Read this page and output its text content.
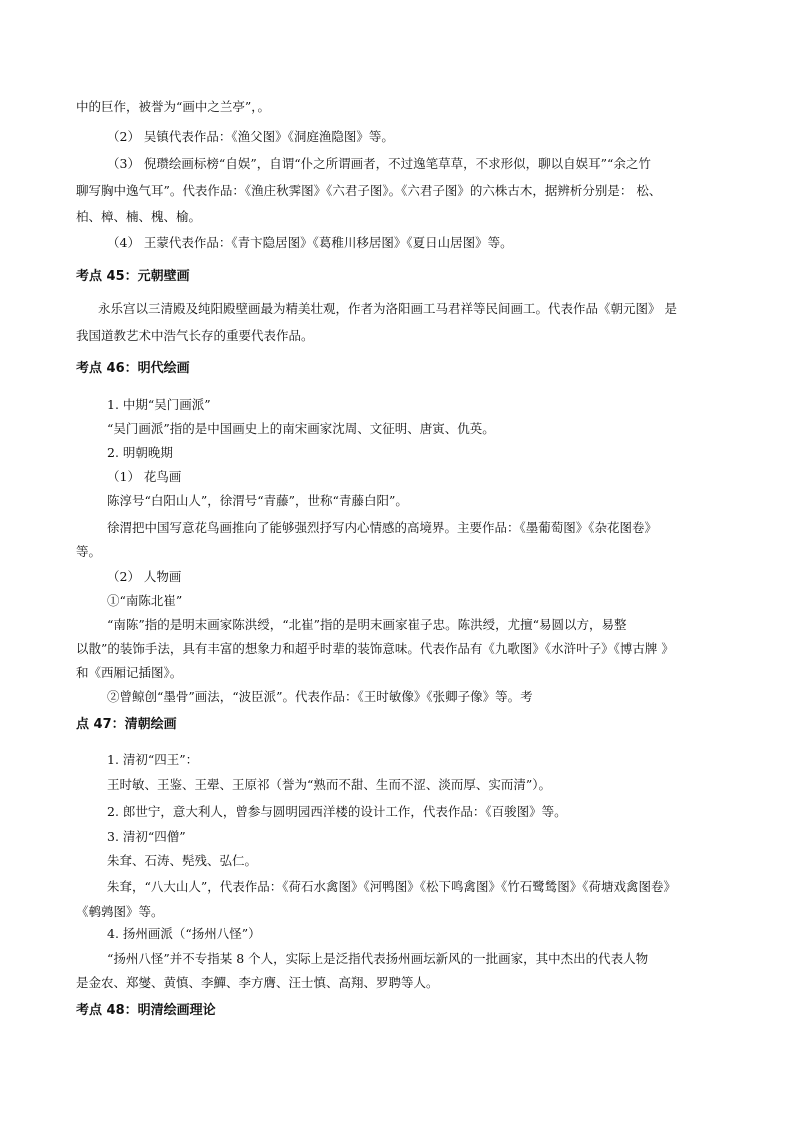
中的巨作，被誉为“画中之兰亭”，。
（2） 吴镇代表作品：《渔父图》《洞庭渔隐图》等。
（3） 倪瓒绘画标榜“自娱”，自谓“仆之所谓画者，不过逸笔草草，不求形似，聊以自娱耳”“余之竹
聊写胸中逸气耳”。代表作品：《渔庄秋霁图》《六君子图》。《六君子图》的六株古木，据辨析分别是： 松、
柏、樟、楠、槐、榆。
（4） 王蒙代表作品：《青卞隐居图》《葛稚川移居图》《夏日山居图》等。
考点 45：元朝壁画
永乐宫以三清殿及纯阳殿壁画最为精美壮观，作者为洛阳画工马君祥等民间画工。代表作品《朝元图》 是
我国道教艺术中浩气长存的重要代表作品。
考点 46：明代绘画
1. 中期“吴门画派”
“吴门画派”指的是中国画史上的南宋画家沈周、文征明、唐寅、仇英。
2. 明朝晚期
（1） 花鸟画
陈淳号“白阳山人”，徐渭号“青藤”，世称“青藤白阳”。
徐渭把中国写意花鸟画推向了能够强烈抒写内心情感的高境界。主要作品：《墨葡萄图》《杂花图卷》
等。
（2） 人物画
①“南陈北崔”
“南陈”指的是明末画家陈洪绶，“北崔”指的是明末画家崔子忠。陈洪绶，尤擅“易圆以方，易整
以散”的装饰手法，具有丰富的想象力和超乎时辈的装饰意味。代表作品有《九歌图》《水浒叶子》《博古牌 》
和《西厢记插图》。
②曾鲸创“墨骨”画法，“波臣派”。代表作品：《王时敏像》《张卿子像》等。考
点 47：清朝绘画
1. 清初“四王”：
王时敏、王鉴、王翚、王原祁（誉为“熟而不甜、生而不涩、淡而厚、实而清”）。
2. 郎世宁，意大利人，曾参与圆明园西洋楼的设计工作，代表作品：《百骏图》等。
3. 清初“四僧”
朱耷、石涛、髡残、弘仁。
朱耷，“八大山人”，代表作品：《荷石水禽图》《河鸭图》《松下鸣禽图》《竹石鹭鸶图》《荷塘戏禽图卷》
《鹌鹑图》等。
4. 扬州画派（“扬州八怪”）
“扬州八怪”并不专指某 8 个人，实际上是泛指代表扬州画坛新风的一批画家，其中杰出的代表人物
是金农、郑燮、黄慎、李鱓、李方膺、汪士慎、高翔、罗聘等人。
考点 48：明清绘画理论
